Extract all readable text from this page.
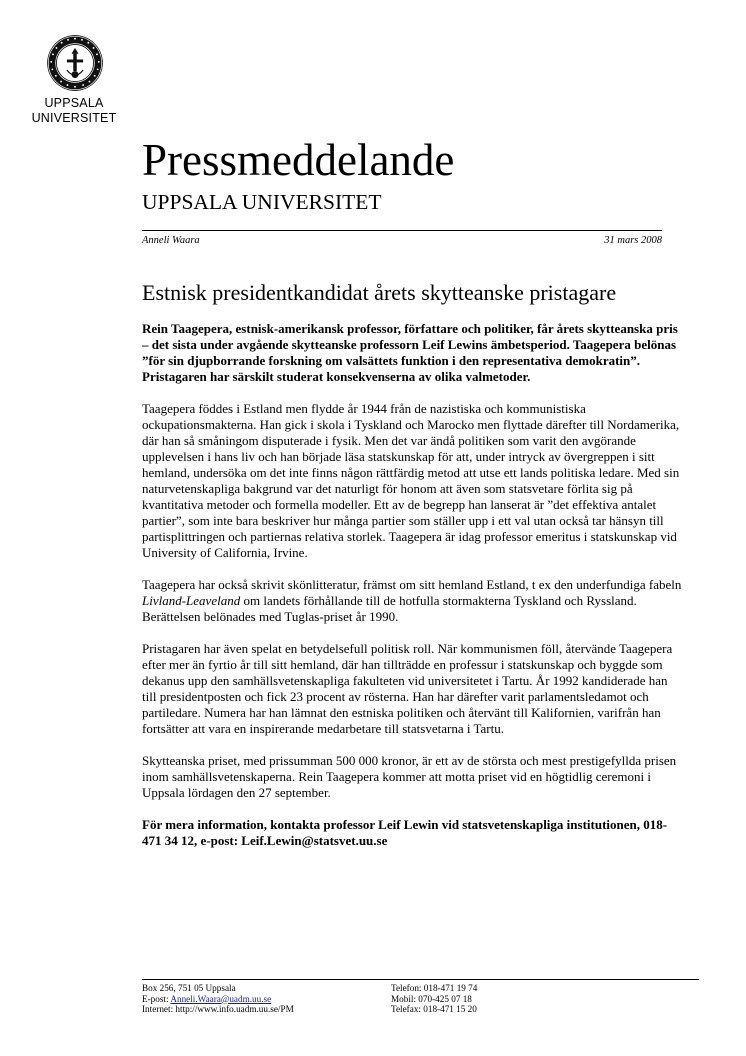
UPPSALA
UNIVERSITET
Pressmeddelande
UPPSALA UNIVERSITET
Anneli Waara	31 mars 2008
Estnisk presidentkandidat årets skytteanske pristagare

Rein Taagepera, estnisk-amerikansk professor, författare och politiker, får årets skytteanska pris – det sista under avgående skytteanske professorn Leif Lewins ämbetsperiod. Taagepera belönas ”för sin djupborrande forskning om valsättets funktion i den representativa demokratin”. Pristagaren har särskilt studerat konsekvenserna av olika valmetoder.

Taagepera föddes i Estland men flydde år 1944 från de nazistiska och kommunistiska ockupationsmakterna. Han gick i skola i Tyskland och Marocko men flyttade därefter till Nordamerika, där han så småningom disputerade i fysik. Men det var ändå politiken som varit den avgörande upplevelsen i hans liv och han började läsa statskunskap för att, under intryck av övergreppen i sitt hemland, undersöka om det inte finns någon rättfärdig metod att utse ett lands politiska ledare. Med sin naturvetenskapliga bakgrund var det naturligt för honom att även som statsvetare förlita sig på kvantitativa metoder och formella modeller. Ett av de begrepp han lanserat är ”det effektiva antalet partier”, som inte bara beskriver hur många partier som ställer upp i ett val utan också tar hänsyn till partisplittringen och partiernas relativa storlek. Taagepera är idag professor emeritus i statskunskap vid University of California, Irvine.

Taagepera har också skrivit skönlitteratur, främst om sitt hemland Estland, t ex den underfundiga fabeln Livland-Leaveland om landets förhållande till de hotfulla stormakterna Tyskland och Ryssland. Berättelsen belönades med Tuglas-priset år 1990.

Pristagaren har även spelat en betydelsefull politisk roll. När kommunismen föll, återvände Taagepera efter mer än fyrtio år till sitt hemland, där han tillträdde en professur i statskunskap och byggde som dekanus upp den samhällsvetenskapliga fakulteten vid universitetet i Tartu. År 1992 kandiderade han till presidentposten och fick 23 procent av rösterna. Han har därefter varit parlamentsledamot och partiledare. Numera har han lämnat den estniska politiken och återvänt till Kalifornien, varifrån han fortsätter att vara en inspirerande medarbetare till statsvetarna i Tartu.

Skytteanska priset, med prissumman 500 000 kronor, är ett av de största och mest prestigefyllda prisen inom samhällsvetenskaperna. Rein Taagepera kommer att motta priset vid en högtidlig ceremoni i Uppsala lördagen den 27 september.

För mera information, kontakta professor Leif Lewin vid statsvetenskapliga institutionen, 018-471 34 12, e-post: Leif.Lewin@statsvet.uu.se

Box 256, 751 05 Uppsala
E-post: Anneli.Waara@uadm.uu.se
Internet: http://www.info.uadm.uu.se/PM
Telefon: 018-471 19 74
Mobil: 070-425 07 18
Telefax: 018-471 15 20
